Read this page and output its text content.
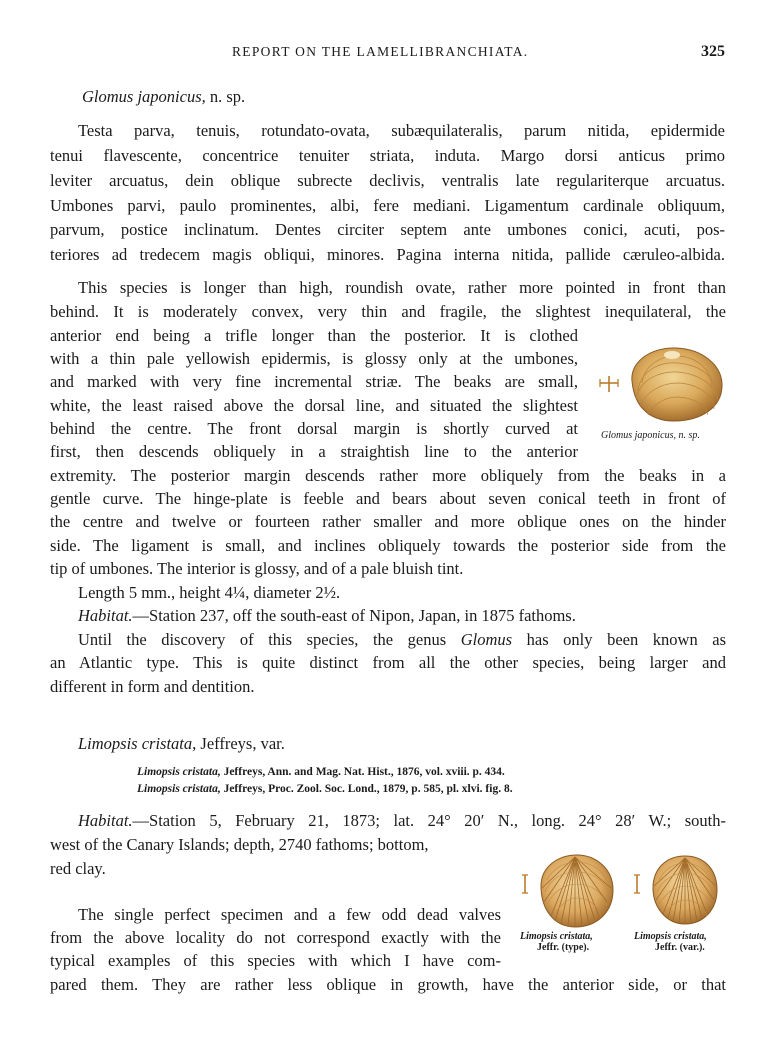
REPORT ON THE LAMELLIBRANCHIATA.	325
Glomus japonicus, n. sp.
Testa parva, tenuis, rotundato-ovata, subæquilateralis, parum nitida, epidermide
tenui flavescente, concentrice tenuiter striata, induta. Margo dorsi anticus primo
leviter arcuatus, dein oblique subrecte declivis, ventralis late regulariterque arcuatus.
Umbones parvi, paulo prominentes, albi, fere mediani. Ligamentum cardinale obliquum,
parvum, postice inclinatum. Dentes circiter septem ante umbones conici, acuti, pos-
teriores ad tredecem magis obliqui, minores. Pagina interna nitida, pallide cæruleo-albida.
This species is longer than high, roundish ovate, rather more pointed in front than
behind. It is moderately convex, very thin and fragile, the slightest inequilateral, the
anterior end being a trifle longer than the posterior. It is clothed
with a thin pale yellowish epidermis, is glossy only at the umbones,
and marked with very fine incremental striæ. The beaks are small,
white, the least raised above the dorsal line, and situated the slightest
behind the centre. The front dorsal margin is shortly curved at
first, then descends obliquely in a straightish line to the anterior
extremity. The posterior margin descends rather more obliquely from the beaks in a
gentle curve. The hinge-plate is feeble and bears about seven conical teeth in front of
the centre and twelve or fourteen rather smaller and more oblique ones on the hinder
side. The ligament is small, and inclines obliquely towards the posterior side from the
tip of umbones. The interior is glossy, and of a pale bluish tint.
Length 5 mm., height 4¼, diameter 2½.
Habitat.—Station 237, off the south-east of Nipon, Japan, in 1875 fathoms.
Until the discovery of this species, the genus Glomus has only been known as
an Atlantic type. This is quite distinct from all the other species, being larger and
different in form and dentition.
Glomus japonicus, n. sp.
Limopsis cristata, Jeffreys, var.
Limopsis cristata, Jeffreys, Ann. and Mag. Nat. Hist., 1876, vol. xviii. p. 434.
Limopsis cristata, Jeffreys, Proc. Zool. Soc. Lond., 1879, p. 585, pl. xlvi. fig. 8.
Habitat.—Station 5, February 21, 1873; lat. 24° 20′ N., long. 24° 28′ W.; south-
west of the Canary Islands; depth, 2740 fathoms; bottom,
red clay.
The single perfect specimen and a few odd dead valves
from the above locality do not correspond exactly with the
typical examples of this species with which I have com-
pared them. They are rather less oblique in growth, have the anterior side, or that
Limopsis cristata,
Jeffr. (type).
Limopsis cristata,
Jeffr. (var.).
